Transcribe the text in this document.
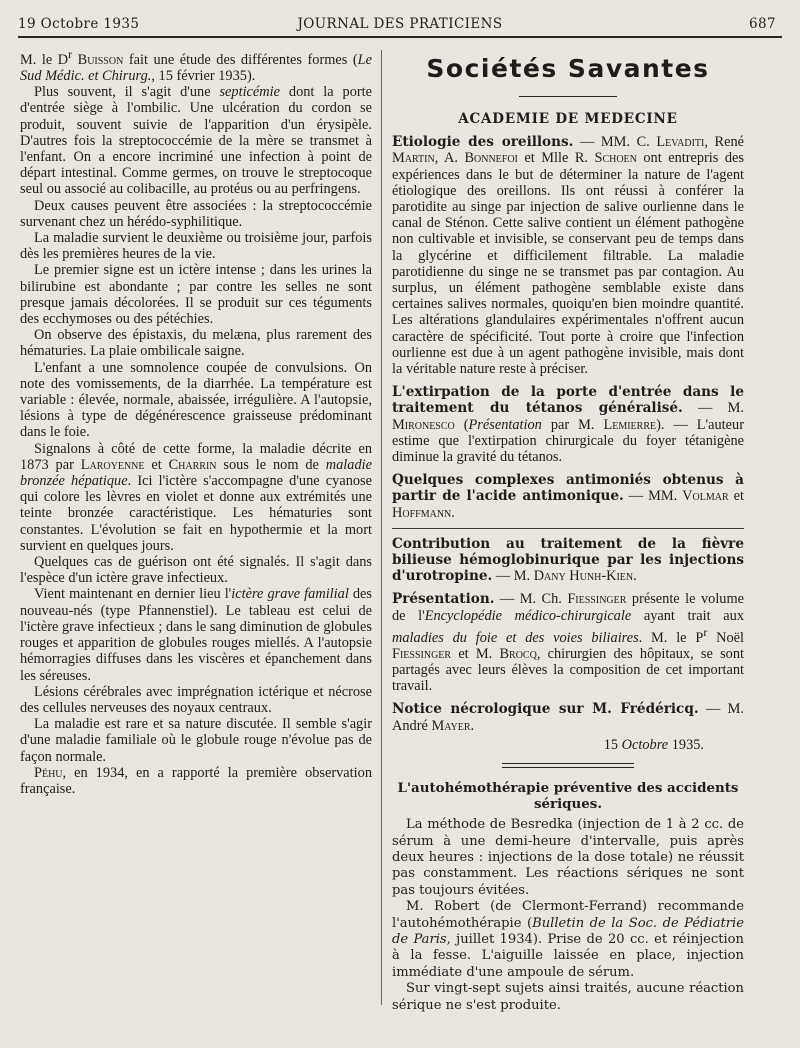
19 Octobre 1935	JOURNAL DES PRATICIENS	687

M. le $D^r$ Buisson fait une étude des différentes formes (Le Sud Médic. et Chirurg., 15 février 1935).

Plus souvent, il s'agit d'une septicémie dont la porte d'entrée siège à l'ombilic. Une ulcération du cordon se produit, souvent suivie de l'apparition d'un érysipèle. D'autres fois la streptococcémie de la mère se transmet à l'enfant. On a encore incriminé une infection à point de départ intestinal. Comme germes, on trouve le streptocoque seul ou associé au colibacille, au protéus ou au perfringens.

Deux causes peuvent être associées : la streptococcémie survenant chez un hérédo-syphilitique.

La maladie survient le deuxième ou troisième jour, parfois dès les premières heures de la vie.

Le premier signe est un ictère intense ; dans les urines la bilirubine est abondante ; par contre les selles ne sont presque jamais décolorées. Il se produit sur ces téguments des ecchymoses ou des pétéchies.

On observe des épistaxis, du melæna, plus rarement des hématuries. La plaie ombilicale saigne.

L'enfant a une somnolence coupée de convulsions. On note des vomissements, de la diarrhée. La température est variable : élevée, normale, abaissée, irrégulière. A l'autopsie, lésions à type de dégénérescence graisseuse prédominant dans le foie.

Signalons à côté de cette forme, la maladie décrite en 1873 par Laroyenne et Charrin sous le nom de maladie bronzée hépatique. Ici l'ictère s'accompagne d'une cyanose qui colore les lèvres en violet et donne aux extrémités une teinte bronzée caractéristique. Les hématuries sont constantes. L'évolution se fait en hypothermie et la mort survient en quelques jours.

Quelques cas de guérison ont été signalés. Il s'agit dans l'espèce d'un ictère grave infectieux.

Vient maintenant en dernier lieu l'ictère grave familial des nouveau-nés (type Pfannenstiel). Le tableau est celui de l'ictère grave infectieux ; dans le sang diminution de globules rouges et apparition de globules rouges miellés. A l'autopsie hémorragies diffuses dans les viscères et épanchement dans les séreuses.

Lésions cérébrales avec imprégnation ictérique et nécrose des cellules nerveuses des noyaux centraux.

La maladie est rare et sa nature discutée. Il semble s'agir d'une maladie familiale où le globule rouge n'évolue pas de façon normale.

Péhu, en 1934, en a rapporté la première observation française.

Sociétés Savantes
ACADEMIE DE MEDECINE

Etiologie des oreillons. — MM. C. Levaditi, René Martin, A. Bonnefoi et Mlle R. Schoen ont entrepris des expériences dans le but de déterminer la nature de l'agent étiologique des oreillons. Ils ont réussi à conférer la parotidite au singe par injection de salive ourlienne dans le canal de Sténon. Cette salive contient un élément pathogène non cultivable et invisible, se conservant peu de temps dans la glycérine et difficilement filtrable. La maladie parotidienne du singe ne se transmet pas par contagion. Au surplus, un élément pathogène semblable existe dans certaines salives normales, quoiqu'en bien moindre quantité. Les altérations glandulaires expérimentales n'offrent aucun caractère de spécificité. Tout porte à croire que l'infection ourlienne est due à un agent pathogène invisible, mais dont la véritable nature reste à préciser.

L'extirpation de la porte d'entrée dans le traitement du tétanos généralisé. — M. Mironesco (Présentation par M. Lemierre). — L'auteur estime que l'extirpation chirurgicale du foyer tétanigène diminue la gravité du tétanos.

Quelques complexes antimoniés obtenus à partir de l'acide antimonique. — MM. Volmar et Hoffmann.

Contribution au traitement de la fièvre bilieuse hémoglobinurique par les injections d'urotropine. — M. Dany Hunh-Kien.

Présentation. — M. Ch. Fiessinger présente le volume de l'Encyclopédie médico-chirurgicale ayant trait aux maladies du foie et des voies biliaires. M. le $P^r$ Noël Fiessinger et M. Brocq, chirurgien des hôpitaux, se sont partagés avec leurs élèves la composition de cet important travail.

Notice nécrologique sur M. Frédéricq. — M. André Mayer.

15 Octobre 1935.
L'autohémothérapie préventive des accidents sériques.

La méthode de Besredka (injection de 1 à 2 cc. de sérum à une demi-heure d'intervalle, puis après deux heures : injections de la dose totale) ne réussit pas constamment. Les réactions sériques ne sont pas toujours évitées.

M. Robert (de Clermont-Ferrand) recommande l'autohémothérapie (Bulletin de la Soc. de Pédiatrie de Paris, juillet 1934). Prise de 20 cc. et réinjection à la fesse. L'aiguille laissée en place, injection immédiate d'une ampoule de sérum.

Sur vingt-sept sujets ainsi traités, aucune réaction sérique ne s'est produite.
